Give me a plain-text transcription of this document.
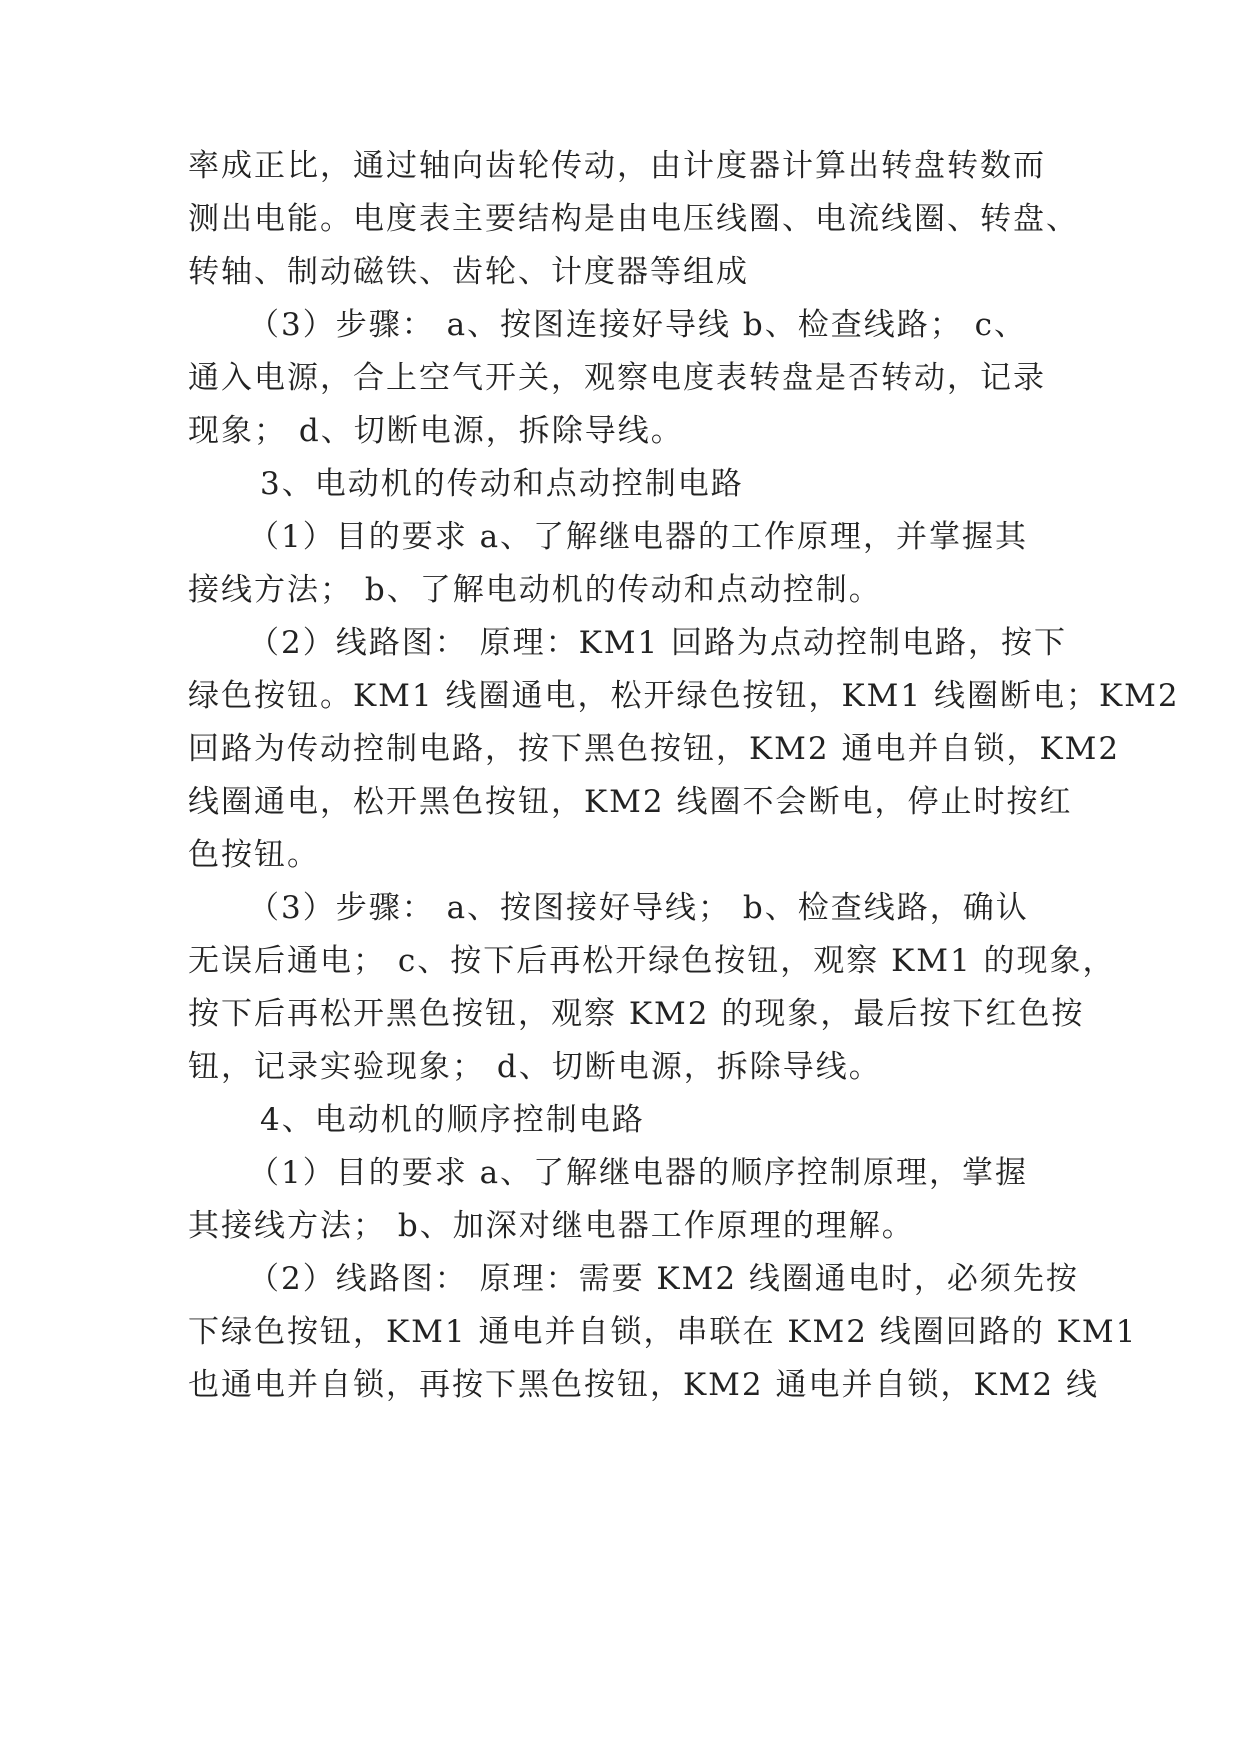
率成正比，通过轴向齿轮传动，由计度器计算出转盘转数而
测出电能。电度表主要结构是由电压线圈、电流线圈、转盘、
转轴、制动磁铁、齿轮、计度器等组成
（3）步骤： a、按图连接好导线 b、检查线路； c、
通入电源，合上空气开关，观察电度表转盘是否转动，记录
现象； d、切断电源，拆除导线。
3、电动机的传动和点动控制电路
（1）目的要求 a、了解继电器的工作原理，并掌握其
接线方法； b、了解电动机的传动和点动控制。
（2）线路图： 原理：KM1 回路为点动控制电路，按下
绿色按钮。KM1 线圈通电，松开绿色按钮，KM1 线圈断电；KM2
回路为传动控制电路，按下黑色按钮，KM2 通电并自锁，KM2
线圈通电，松开黑色按钮，KM2 线圈不会断电，停止时按红
色按钮。
（3）步骤： a、按图接好导线； b、检查线路，确认
无误后通电； c、按下后再松开绿色按钮，观察 KM1 的现象，
按下后再松开黑色按钮，观察 KM2 的现象，最后按下红色按
钮，记录实验现象； d、切断电源，拆除导线。
4、电动机的顺序控制电路
（1）目的要求 a、了解继电器的顺序控制原理，掌握
其接线方法； b、加深对继电器工作原理的理解。
（2）线路图： 原理：需要 KM2 线圈通电时，必须先按
下绿色按钮，KM1 通电并自锁，串联在 KM2 线圈回路的 KM1
也通电并自锁，再按下黑色按钮，KM2 通电并自锁，KM2 线
